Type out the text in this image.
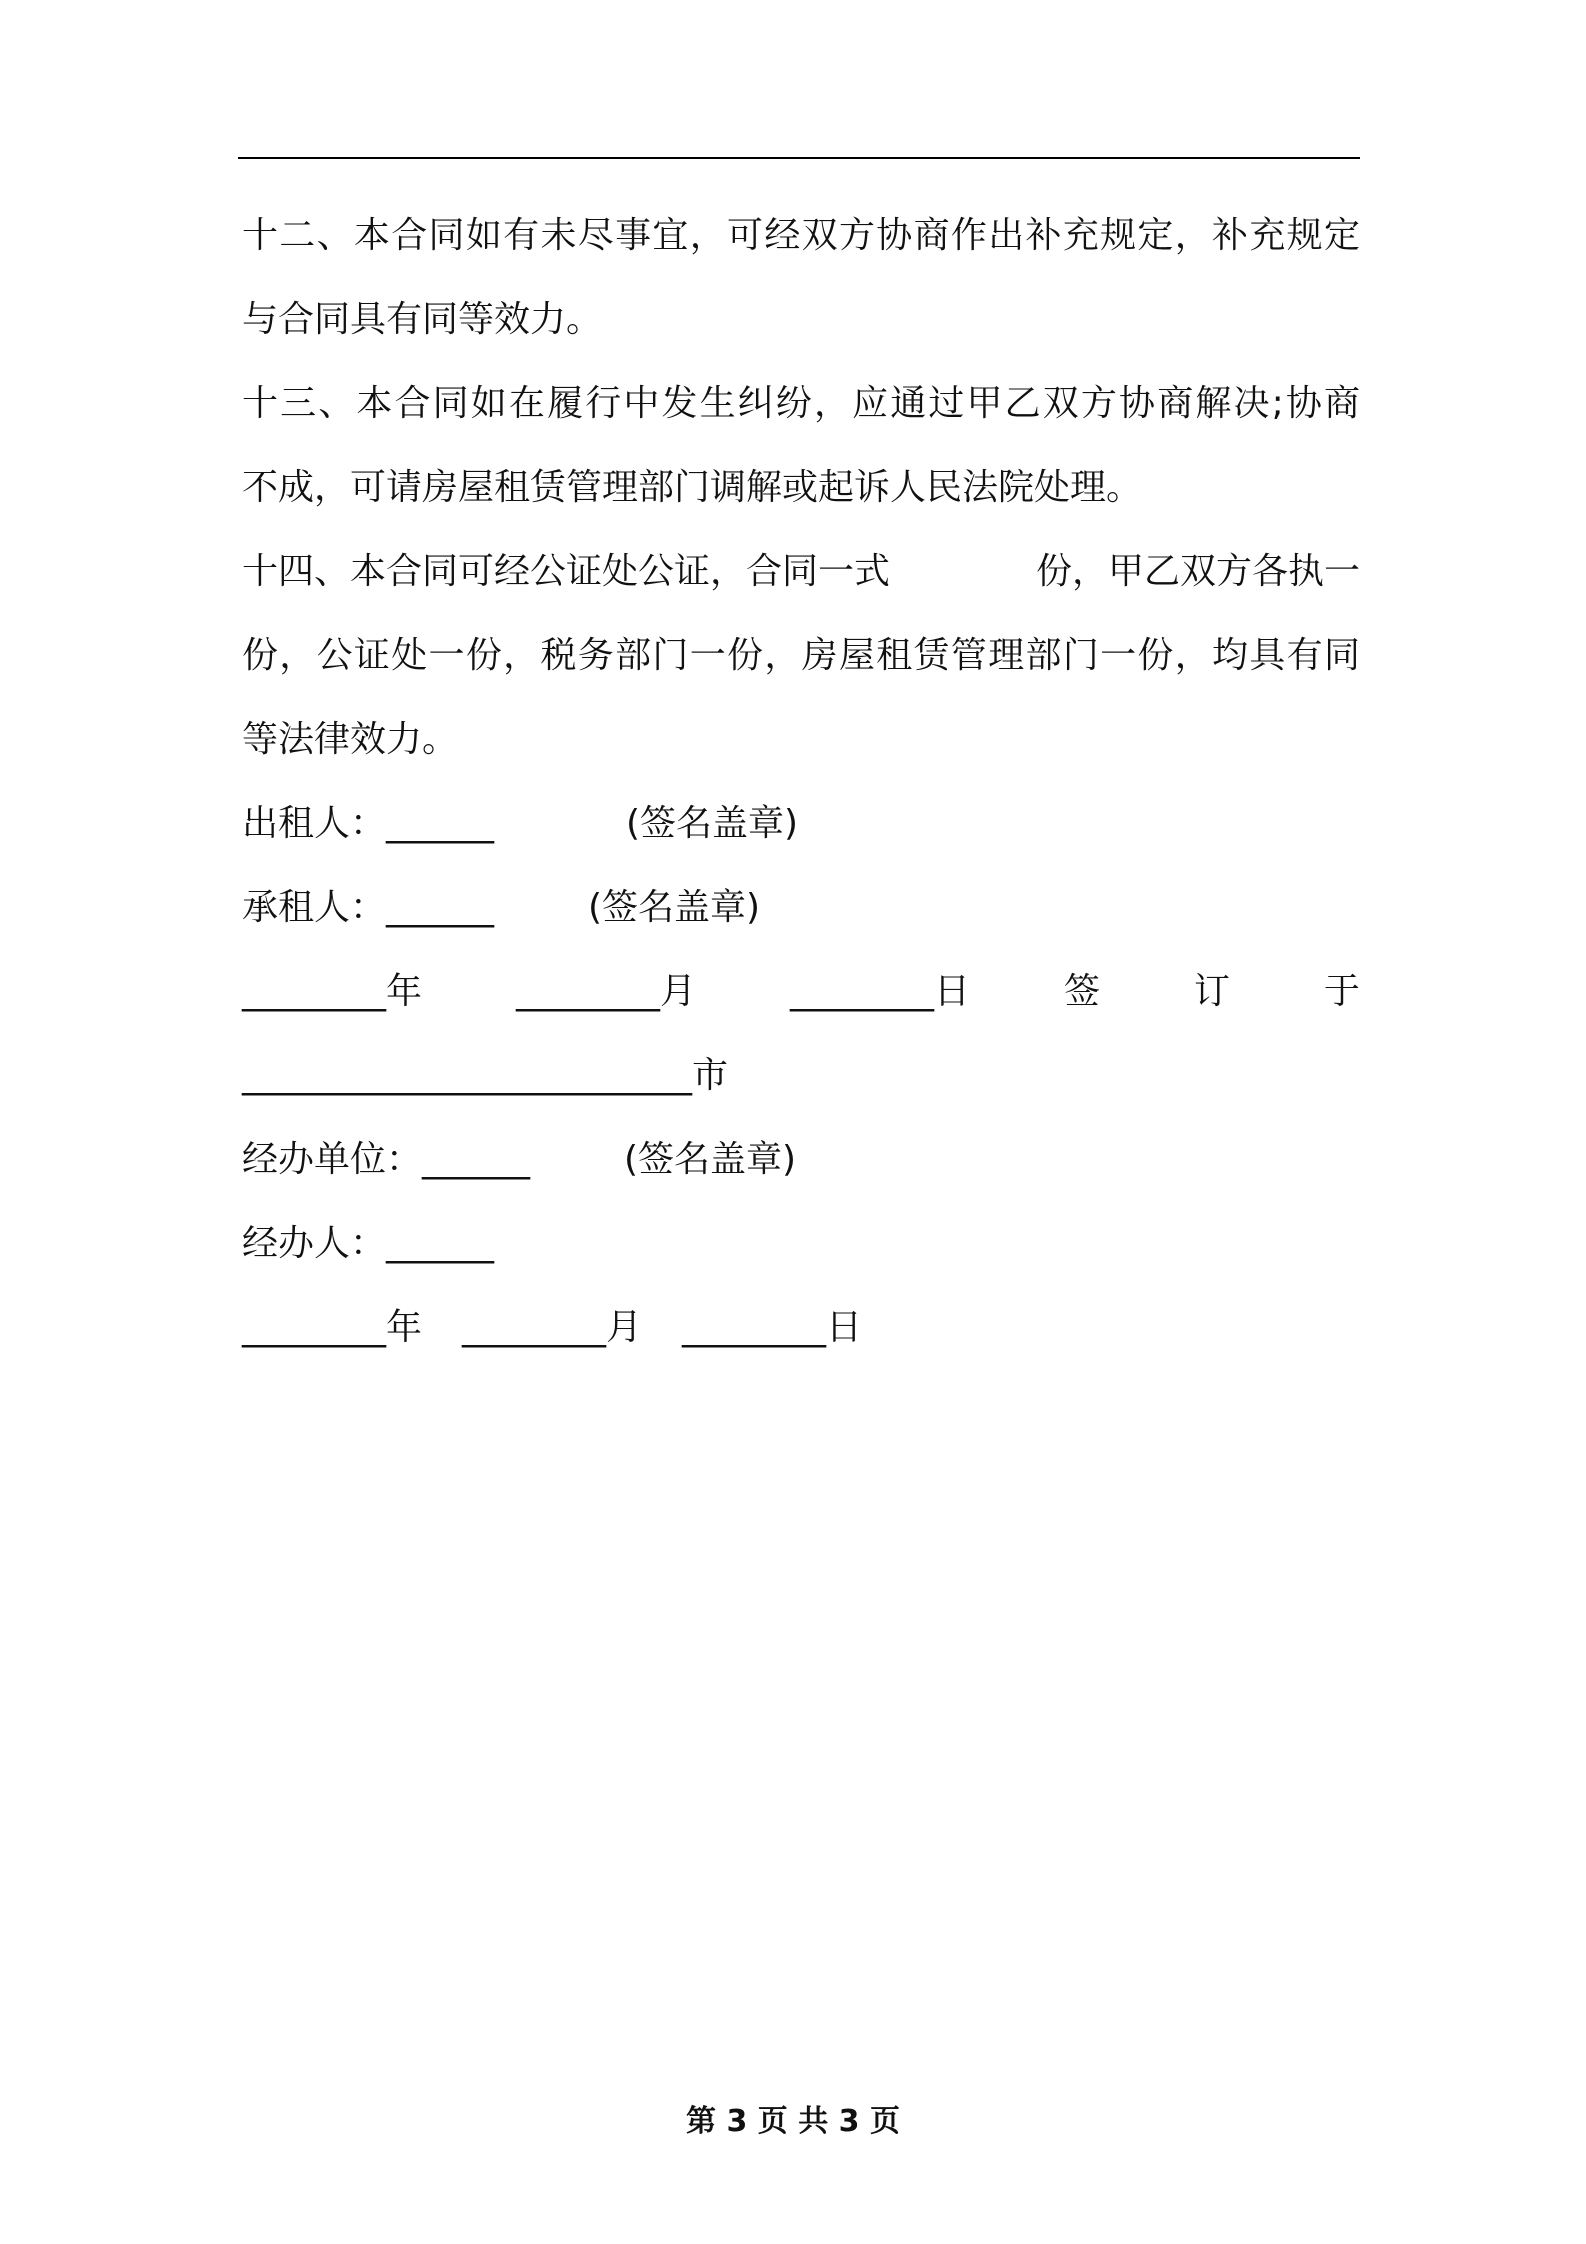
十二、本合同如有未尽事宜，可经双方协商作出补充规定，补充规定
与合同具有同等效力。
十三、本合同如在履行中发生纠纷，应通过甲乙双方协商解决;协商
不成，可请房屋租赁管理部门调解或起诉人民法院处理。
十四、本合同可经公证处公证，合同一式	份，甲乙双方各执一
份，公证处一份，税务部门一份，房屋租赁管理部门一份，均具有同
等法律效力。
出租人：______	(签名盖章)
承租人：______	(签名盖章)
________年	________月	________日	签	订	于
_________________________市
经办单位：______	(签名盖章)
经办人：______
________年 ________月 ________日
第 3 页 共 3 页
